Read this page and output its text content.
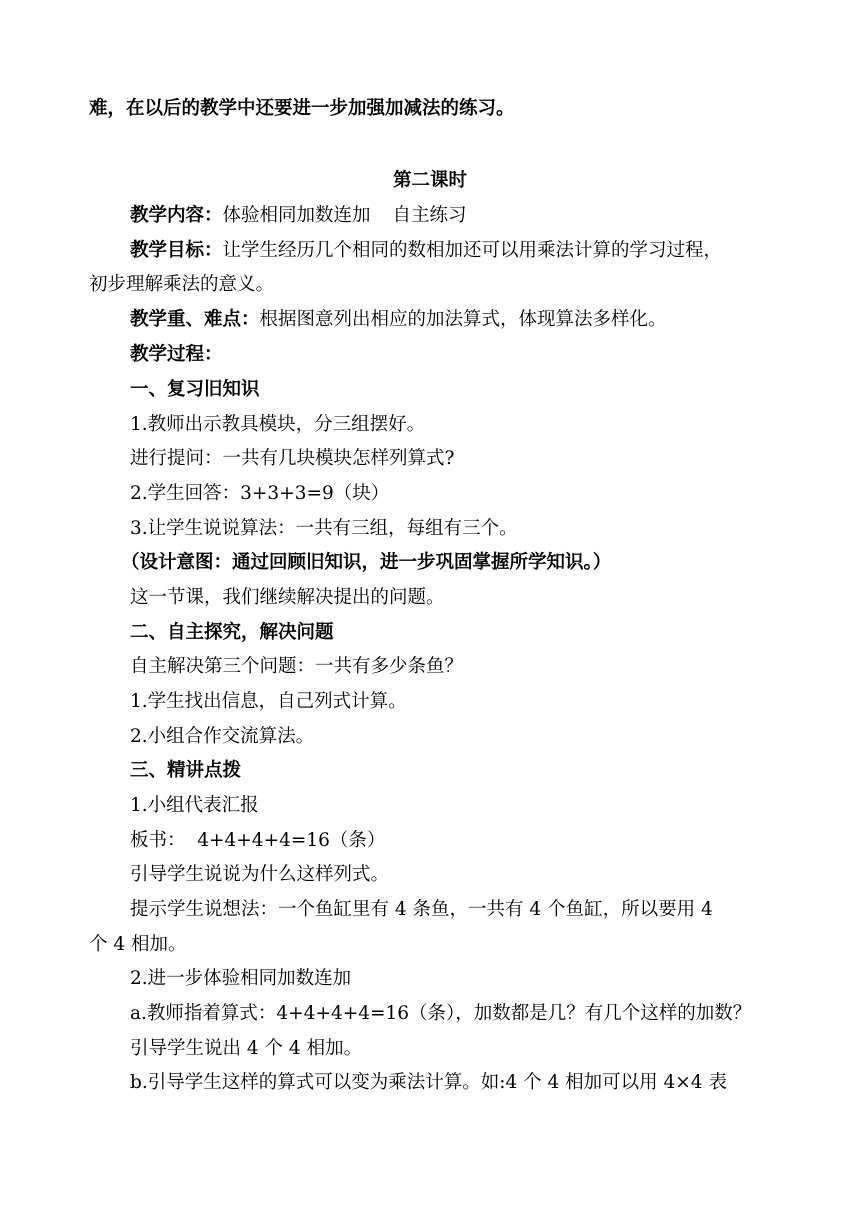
难，在以后的教学中还要进一步加强加减法的练习。
第二课时
教学内容：体验相同加数连加 自主练习
教学目标：让学生经历几个相同的数相加还可以用乘法计算的学习过程，
初步理解乘法的意义。
教学重、难点：根据图意列出相应的加法算式，体现算法多样化。
教学过程：
一、复习旧知识
1.教师出示教具模块，分三组摆好。
进行提问：一共有几块模块怎样列算式?
2.学生回答：3+3+3=9（块）
3.让学生说说算法：一共有三组，每组有三个。
（设计意图：通过回顾旧知识，进一步巩固掌握所学知识。）
这一节课，我们继续解决提出的问题。
二、自主探究，解决问题
自主解决第三个问题：一共有多少条鱼？
1.学生找出信息，自己列式计算。
2.小组合作交流算法。
三、精讲点拨
1.小组代表汇报
板书：  4+4+4+4=16（条）
引导学生说说为什么这样列式。
提示学生说想法：一个鱼缸里有 4 条鱼，一共有 4 个鱼缸，所以要用 4
个 4 相加。
2.进一步体验相同加数连加
a.教师指着算式：4+4+4+4=16（条），加数都是几？有几个这样的加数？
引导学生说出 4 个 4 相加。
b.引导学生这样的算式可以变为乘法计算。如:4 个 4 相加可以用 4×4 表
